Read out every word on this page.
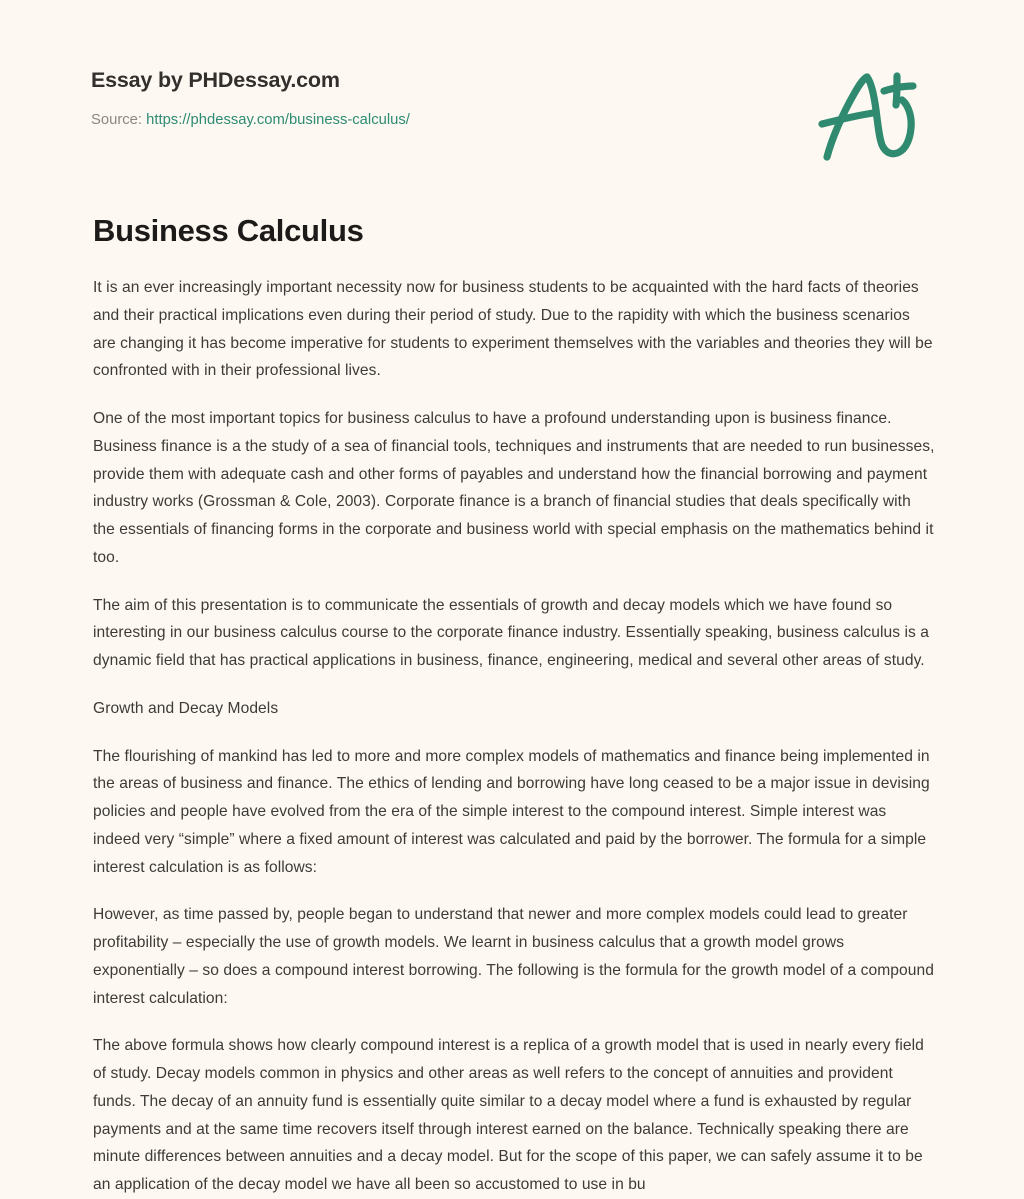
Essay by PHDessay.com
Source: https://phdessay.com/business-calculus/
Business Calculus

It is an ever increasingly important necessity now for business students to be acquainted with the hard facts of theories and their practical implications even during their period of study. Due to the rapidity with which the business scenarios are changing it has become imperative for students to experiment themselves with the variables and theories they will be confronted with in their professional lives.

One of the most important topics for business calculus to have a profound understanding upon is business finance. Business finance is a the study of a sea of financial tools, techniques and instruments that are needed to run businesses, provide them with adequate cash and other forms of payables and understand how the financial borrowing and payment industry works (Grossman & Cole, 2003). Corporate finance is a branch of financial studies that deals specifically with the essentials of financing forms in the corporate and business world with special emphasis on the mathematics behind it too.

The aim of this presentation is to communicate the essentials of growth and decay models which we have found so interesting in our business calculus course to the corporate finance industry. Essentially speaking, business calculus is a dynamic field that has practical applications in business, finance, engineering, medical and several other areas of study.

Growth and Decay Models

The flourishing of mankind has led to more and more complex models of mathematics and finance being implemented in the areas of business and finance. The ethics of lending and borrowing have long ceased to be a major issue in devising policies and people have evolved from the era of the simple interest to the compound interest. Simple interest was indeed very “simple” where a fixed amount of interest was calculated and paid by the borrower. The formula for a simple interest calculation is as follows:

However, as time passed by, people began to understand that newer and more complex models could lead to greater profitability – especially the use of growth models. We learnt in business calculus that a growth model grows exponentially – so does a compound interest borrowing. The following is the formula for the growth model of a compound interest calculation:

The above formula shows how clearly compound interest is a replica of a growth model that is used in nearly every field of study. Decay models common in physics and other areas as well refers to the concept of annuities and provident funds. The decay of an annuity fund is essentially quite similar to a decay model where a fund is exhausted by regular payments and at the same time recovers itself through interest earned on the balance. Technically speaking there are minute differences between annuities and a decay model. But for the scope of this paper, we can safely assume it to be an application of the decay model we have all been so accustomed to use in bu
